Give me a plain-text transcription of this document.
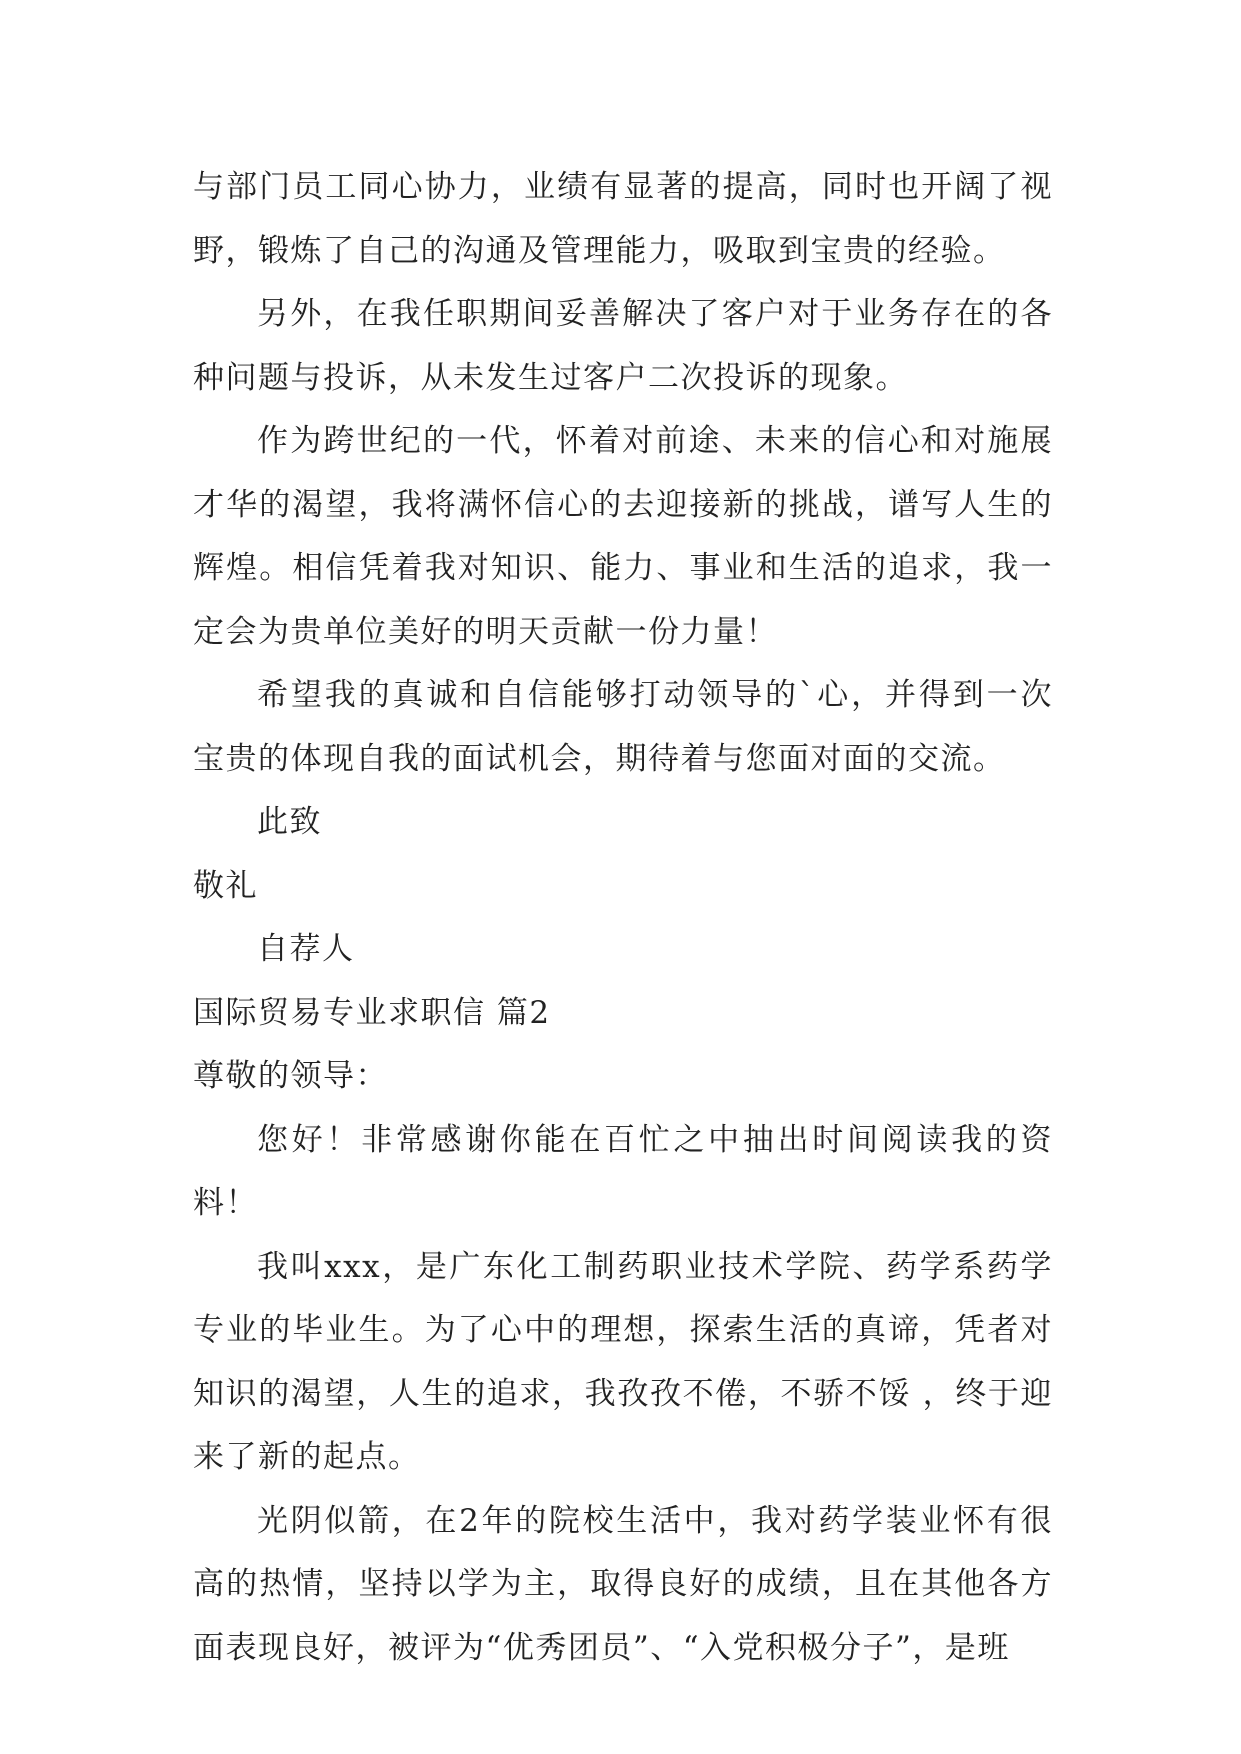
与部门员工同心协力，业绩有显著的提高，同时也开阔了视野，锻炼了自己的沟通及管理能力，吸取到宝贵的经验。

另外，在我任职期间妥善解决了客户对于业务存在的各种问题与投诉，从未发生过客户二次投诉的现象。

作为跨世纪的一代，怀着对前途、未来的信心和对施展才华的渴望，我将满怀信心的去迎接新的挑战，谱写人生的辉煌。相信凭着我对知识、能力、事业和生活的追求，我一定会为贵单位美好的明天贡献一份力量！

希望我的真诚和自信能够打动领导的`心，并得到一次宝贵的体现自我的面试机会，期待着与您面对面的交流。

此致

敬礼

自荐人

国际贸易专业求职信 篇2

尊敬的领导：

您好！非常感谢你能在百忙之中抽出时间阅读我的资料！

我叫xxx，是广东化工制药职业技术学院、药学系药学专业的毕业生。为了心中的理想，探索生活的真谛，凭者对知识的渴望，人生的追求，我孜孜不倦，不骄不馁 ，终于迎来了新的起点。

光阴似箭，在2年的院校生活中，我对药学装业怀有很高的热情，坚持以学为主，取得良好的成绩，且在其他各方面表现良好，被评为“优秀团员”、“入党积极分子”，是班
